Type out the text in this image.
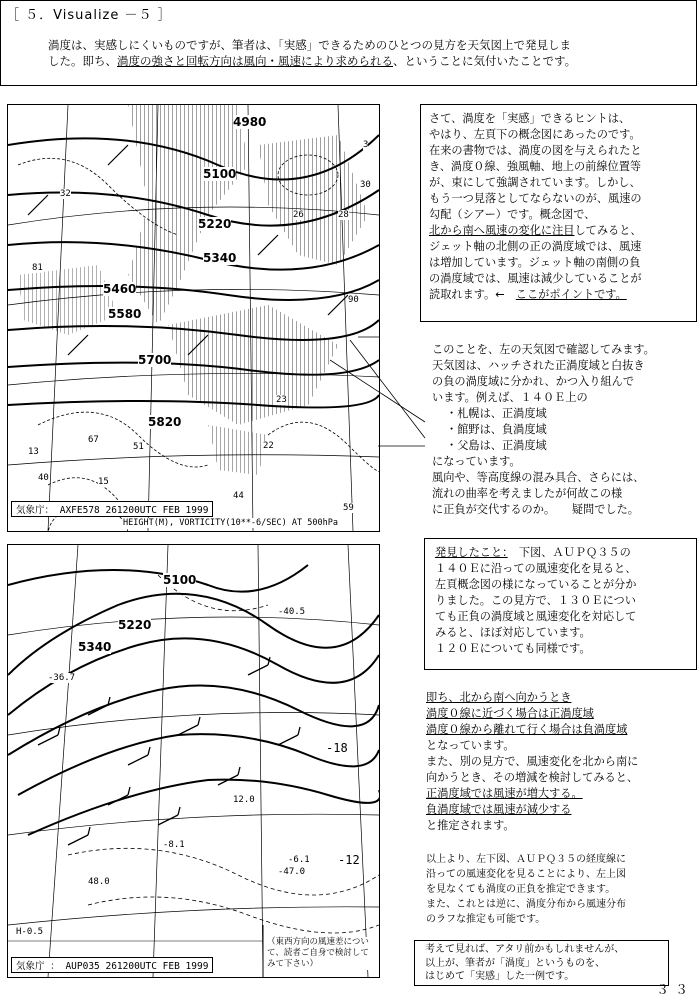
［ ５．Visualize －５ ］
渦度は、実感しにくいものですが、筆者は、「実感」できるためのひとつの見方を天気図上で発見しま
した。即ち、渦度の強さと回転方向は風向・風速により求められる、ということに気付いたことです。
4980
5100
5220
5340
5460
5580
5700
5820
81
32
67
51
40	15
13
44
59
22
23
28
26
30
90
3
気象庁： AXFE578 261200UTC FEB 1999
HEIGHT(M), VORTICITY(10**-6/SEC) AT 500hPa
5100
5220
5340
-40.5
-18
-12
-36.7
-8.1
-6.1
-47.0
48.0
H-0.5
12.0
気象庁 ： AUP035 261200UTC FEB 1999
（東西方向の風速差について、読者ご自身で検討してみて下さい）

さて、渦度を「実感」できるヒントは、

やはり、左頁下の概念図にあったのです。

在来の書物では、渦度の図を与えられたと

き、渦度０線、強風軸、地上の前線位置等

が、束にして強調されています。しかし、

もう一つ見落としてならないのが、風速の

勾配（シアー）です。概念図で、

北から南へ風速の変化に注目してみると、

ジェット軸の北側の正の渦度域では、風速

は増加しています。ジェット軸の南側の負

の渦度域では、風速は減少していることが

読取れます。←　ここがポイントです。

このことを、左の天気図で確認してみます。

天気図は、ハッチされた正渦度域と白抜き

の負の渦度域に分かれ、かつ入り組んで

います。例えば、１４０Ｅ上の

・札幌は、正渦度域

・館野は、負渦度域

・父島は、正渦度域

になっています。

風向や、等高度線の混み具合、さらには、

流れの曲率を考えましたが何故この様

に正負が交代するのか。　　疑問でした。

発見したこと：　下図、ＡＵＰＱ３５の

１４０Ｅに沿っての風速変化を見ると、

左頁概念図の様になっていることが分か

りました。この見方で、１３０Ｅについ

ても正負の渦度域と風速変化を対応して

みると、ほぼ対応しています。

１２０Ｅについても同様です。

即ち、北から南へ向かうとき

渦度０線に近づく場合は正渦度域

渦度０線から離れて行く場合は負渦度域

となっています。

また、別の見方で、風速変化を北から南に

向かうとき、その増減を検討してみると、

正渦度域では風速が増大する。

負渦度域では風速が減少する

と推定されます。

以上より、左下図、ＡＵＰＱ３５の経度線に

沿っての風速変化を見ることにより、左上図

を見なくても渦度の正負を推定できます。

また、これとは逆に、渦度分布から風速分布

のラフな推定も可能です。

考えて見れば、アタリ前かもしれませんが、

以上が、筆者が「渦度」というものを、

はじめて「実感」した一例です。

３３
